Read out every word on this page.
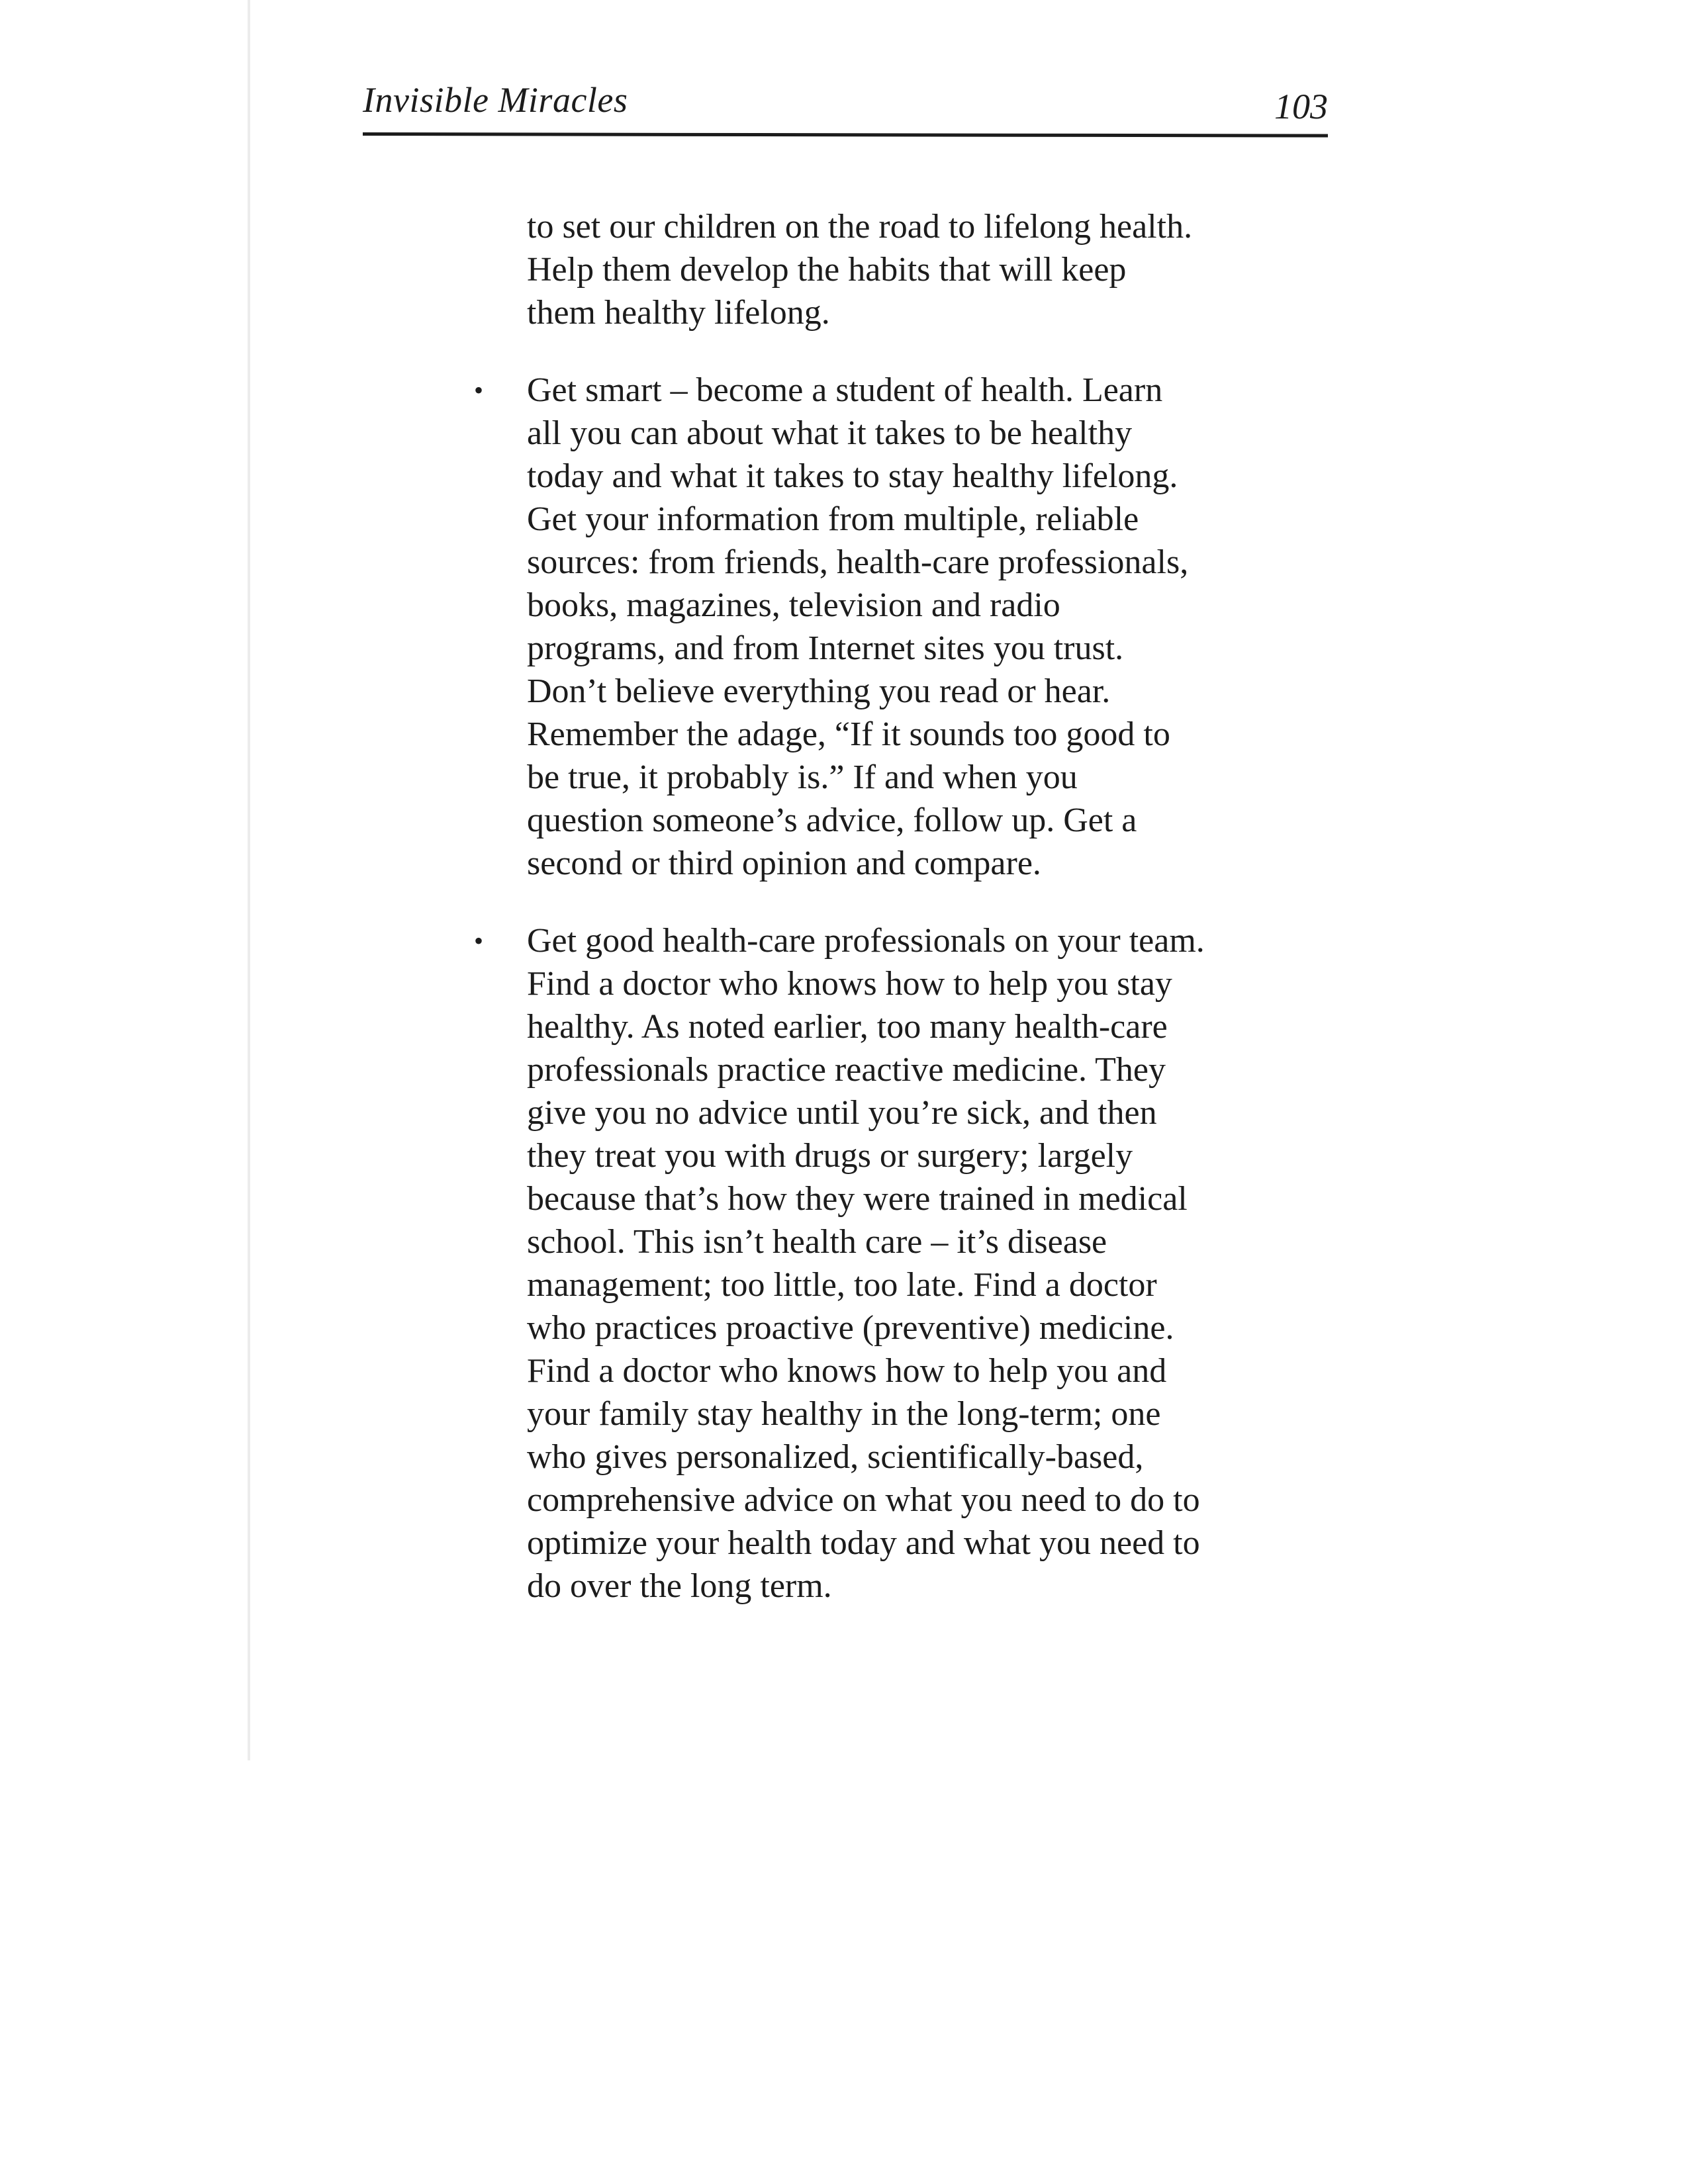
Invisible Miracles	103
to set our children on the road to lifelong health.
Help them develop the habits that will keep
them healthy lifelong.
• Get smart – become a student of health. Learn
all you can about what it takes to be healthy
today and what it takes to stay healthy lifelong.
Get your information from multiple, reliable
sources: from friends, health-care professionals,
books, magazines, television and radio
programs, and from Internet sites you trust.
Don’t believe everything you read or hear.
Remember the adage, “If it sounds too good to
be true, it probably is.” If and when you
question someone’s advice, follow up. Get a
second or third opinion and compare.
• Get good health-care professionals on your team.
Find a doctor who knows how to help you stay
healthy. As noted earlier, too many health-care
professionals practice reactive medicine. They
give you no advice until you’re sick, and then
they treat you with drugs or surgery; largely
because that’s how they were trained in medical
school. This isn’t health care – it’s disease
management; too little, too late. Find a doctor
who practices proactive (preventive) medicine.
Find a doctor who knows how to help you and
your family stay healthy in the long-term; one
who gives personalized, scientifically-based,
comprehensive advice on what you need to do to
optimize your health today and what you need to
do over the long term.
